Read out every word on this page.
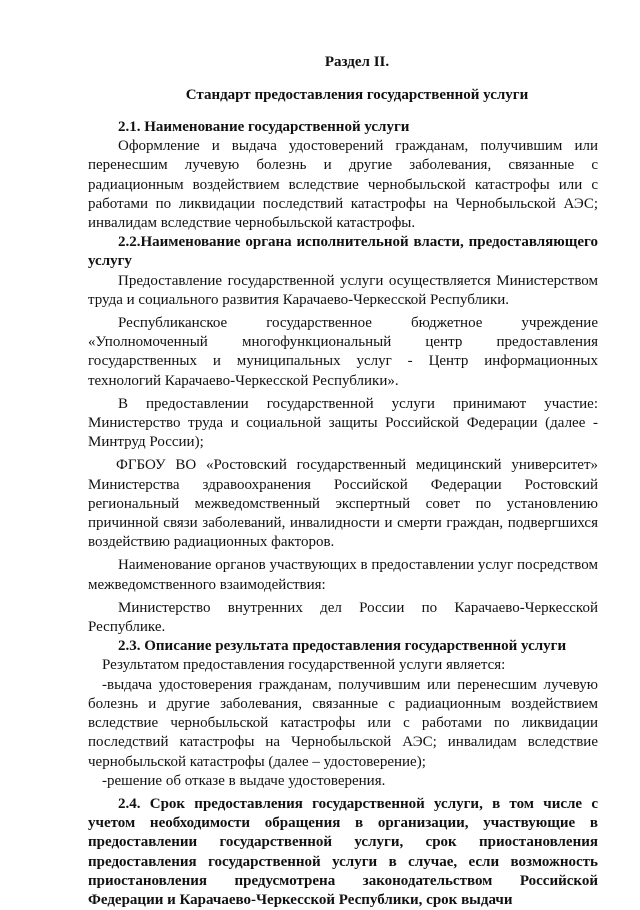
Раздел II.
Стандарт предоставления государственной услуги

2.1. Наименование государственной услуги

Оформление и выдача удостоверений гражданам, получившим или перенесшим лучевую болезнь и другие заболевания, связанные с радиационным воздействием вследствие чернобыльской катастрофы или с работами по ликвидации последствий катастрофы на Чернобыльской АЭС; инвалидам вследствие чернобыльской катастрофы.

2.2.Наименование органа исполнительной власти, предоставляющего услугу

Предоставление государственной услуги осуществляется Министерством труда и социального развития Карачаево-Черкесской Республики.

Республиканское государственное бюджетное учреждение «Уполномоченный многофункциональный центр предоставления государственных и муниципальных услуг - Центр информационных технологий Карачаево-Черкесской Республики».

В предоставлении государственной услуги принимают участие: Министерство труда и социальной защиты Российской Федерации (далее - Минтруд России);

ФГБОУ ВО «Ростовский государственный медицинский университет» Министерства здравоохранения Российской Федерации Ростовский региональный межведомственный экспертный совет по установлению причинной связи заболеваний, инвалидности и смерти граждан, подвергшихся воздействию радиационных факторов.

Наименование органов участвующих в предоставлении услуг посредством межведомственного взаимодействия:

Министерство внутренних дел России по Карачаево-Черкесской Республике.

2.3. Описание результата предоставления государственной услуги

Результатом предоставления государственной услуги является:

-выдача удостоверения гражданам, получившим или перенесшим лучевую болезнь и другие заболевания, связанные с радиационным воздействием вследствие чернобыльской катастрофы или с работами по ликвидации последствий катастрофы на Чернобыльской АЭС; инвалидам вследствие чернобыльской катастрофы (далее – удостоверение);

-решение об отказе в выдаче удостоверения.

2.4. Срок предоставления государственной услуги, в том числе с учетом необходимости обращения в организации, участвующие в предоставлении государственной услуги, срок приостановления предоставления государственной услуги в случае, если возможность приостановления предусмотрена законодательством Российской Федерации и Карачаево-Черкесской Республики, срок выдачи
